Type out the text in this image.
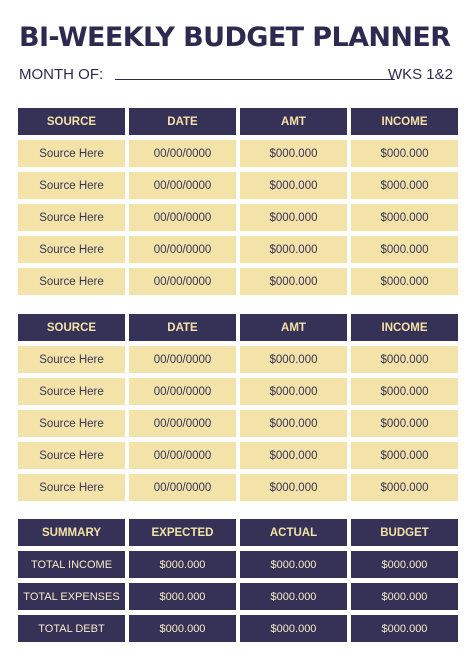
BI-WEEKLY BUDGET PLANNER
MONTH OF:	WKS 1&2
SOURCE	DATE	AMT	INCOME
Source Here	00/00/0000	$000.000	$000.000
Source Here	00/00/0000	$000.000	$000.000
Source Here	00/00/0000	$000.000	$000.000
Source Here	00/00/0000	$000.000	$000.000
Source Here	00/00/0000	$000.000	$000.000
SOURCE	DATE	AMT	INCOME
Source Here	00/00/0000	$000.000	$000.000
Source Here	00/00/0000	$000.000	$000.000
Source Here	00/00/0000	$000.000	$000.000
Source Here	00/00/0000	$000.000	$000.000
Source Here	00/00/0000	$000.000	$000.000
SUMMARY	EXPECTED	ACTUAL	BUDGET
TOTAL INCOME	$000.000	$000.000	$000.000
TOTAL EXPENSES	$000.000	$000.000	$000.000
TOTAL DEBT	$000.000	$000.000	$000.000
